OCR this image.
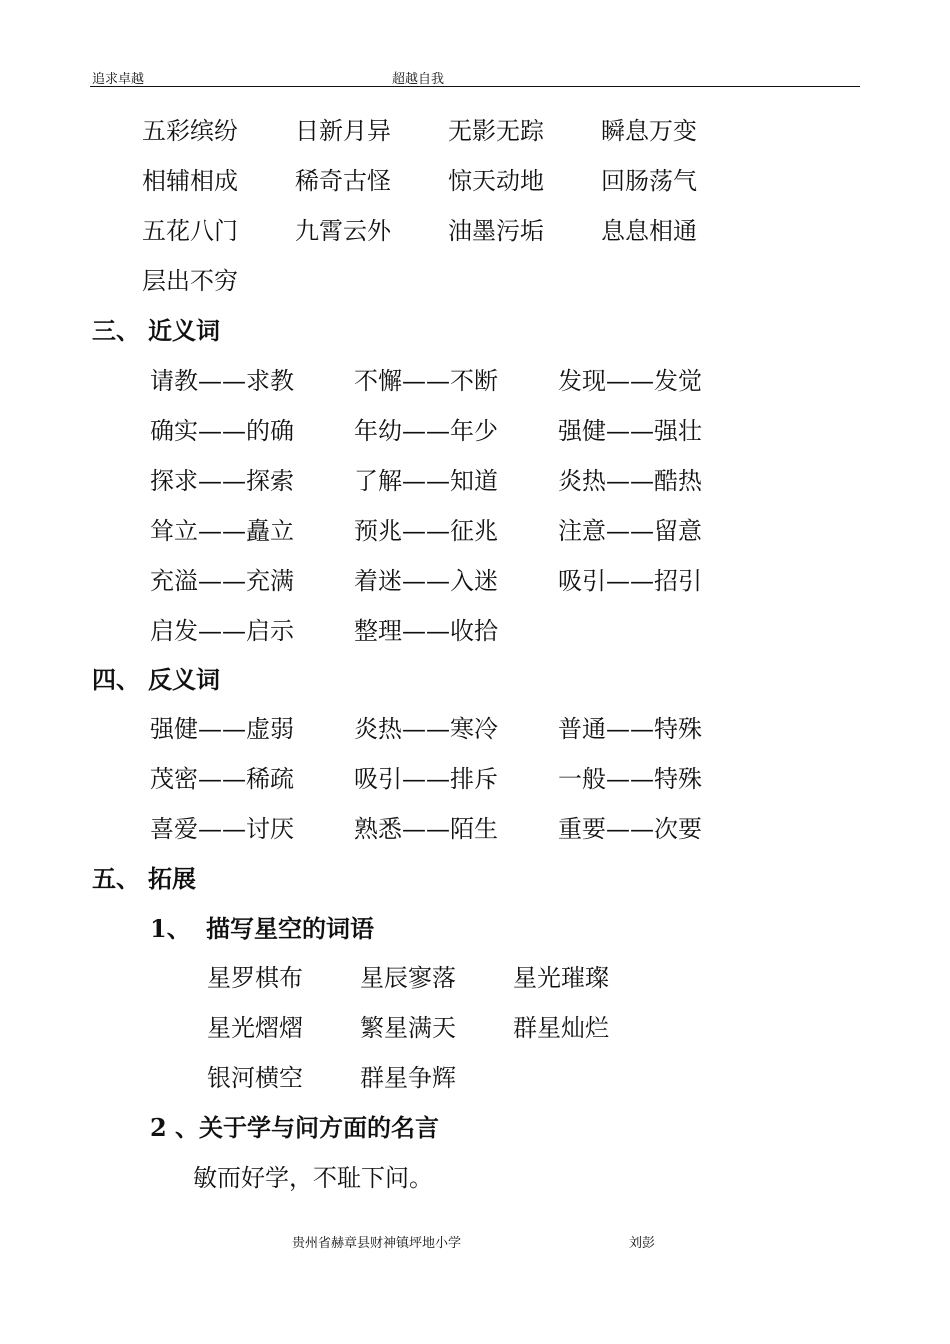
追求卓越	超越自我
五彩缤纷 日新月异 无影无踪 瞬息万变
相辅相成 稀奇古怪 惊天动地 回肠荡气
五花八门 九霄云外 油墨污垢 息息相通
层出不穷
三、 近义词
请教——求教	不懈——不断	发现——发觉
确实——的确	年幼——年少	强健——强壮
探求——探索	了解——知道	炎热——酷热
耸立——矗立	预兆——征兆	注意——留意
充溢——充满	着迷——入迷	吸引——招引
启发——启示	整理——收拾
四、 反义词
强健——虚弱	炎热——寒冷	普通——特殊
茂密——稀疏	吸引——排斥	一般——特殊
喜爱——讨厌	熟悉——陌生	重要——次要
五、 拓展
1、 描写星空的词语
星罗棋布 星辰寥落 星光璀璨
星光熠熠 繁星满天 群星灿烂
银河横空 群星争辉
2 、关于学与问方面的名言
敏而好学，不耻下问。
贵州省赫章县财神镇坪地小学	刘彭
